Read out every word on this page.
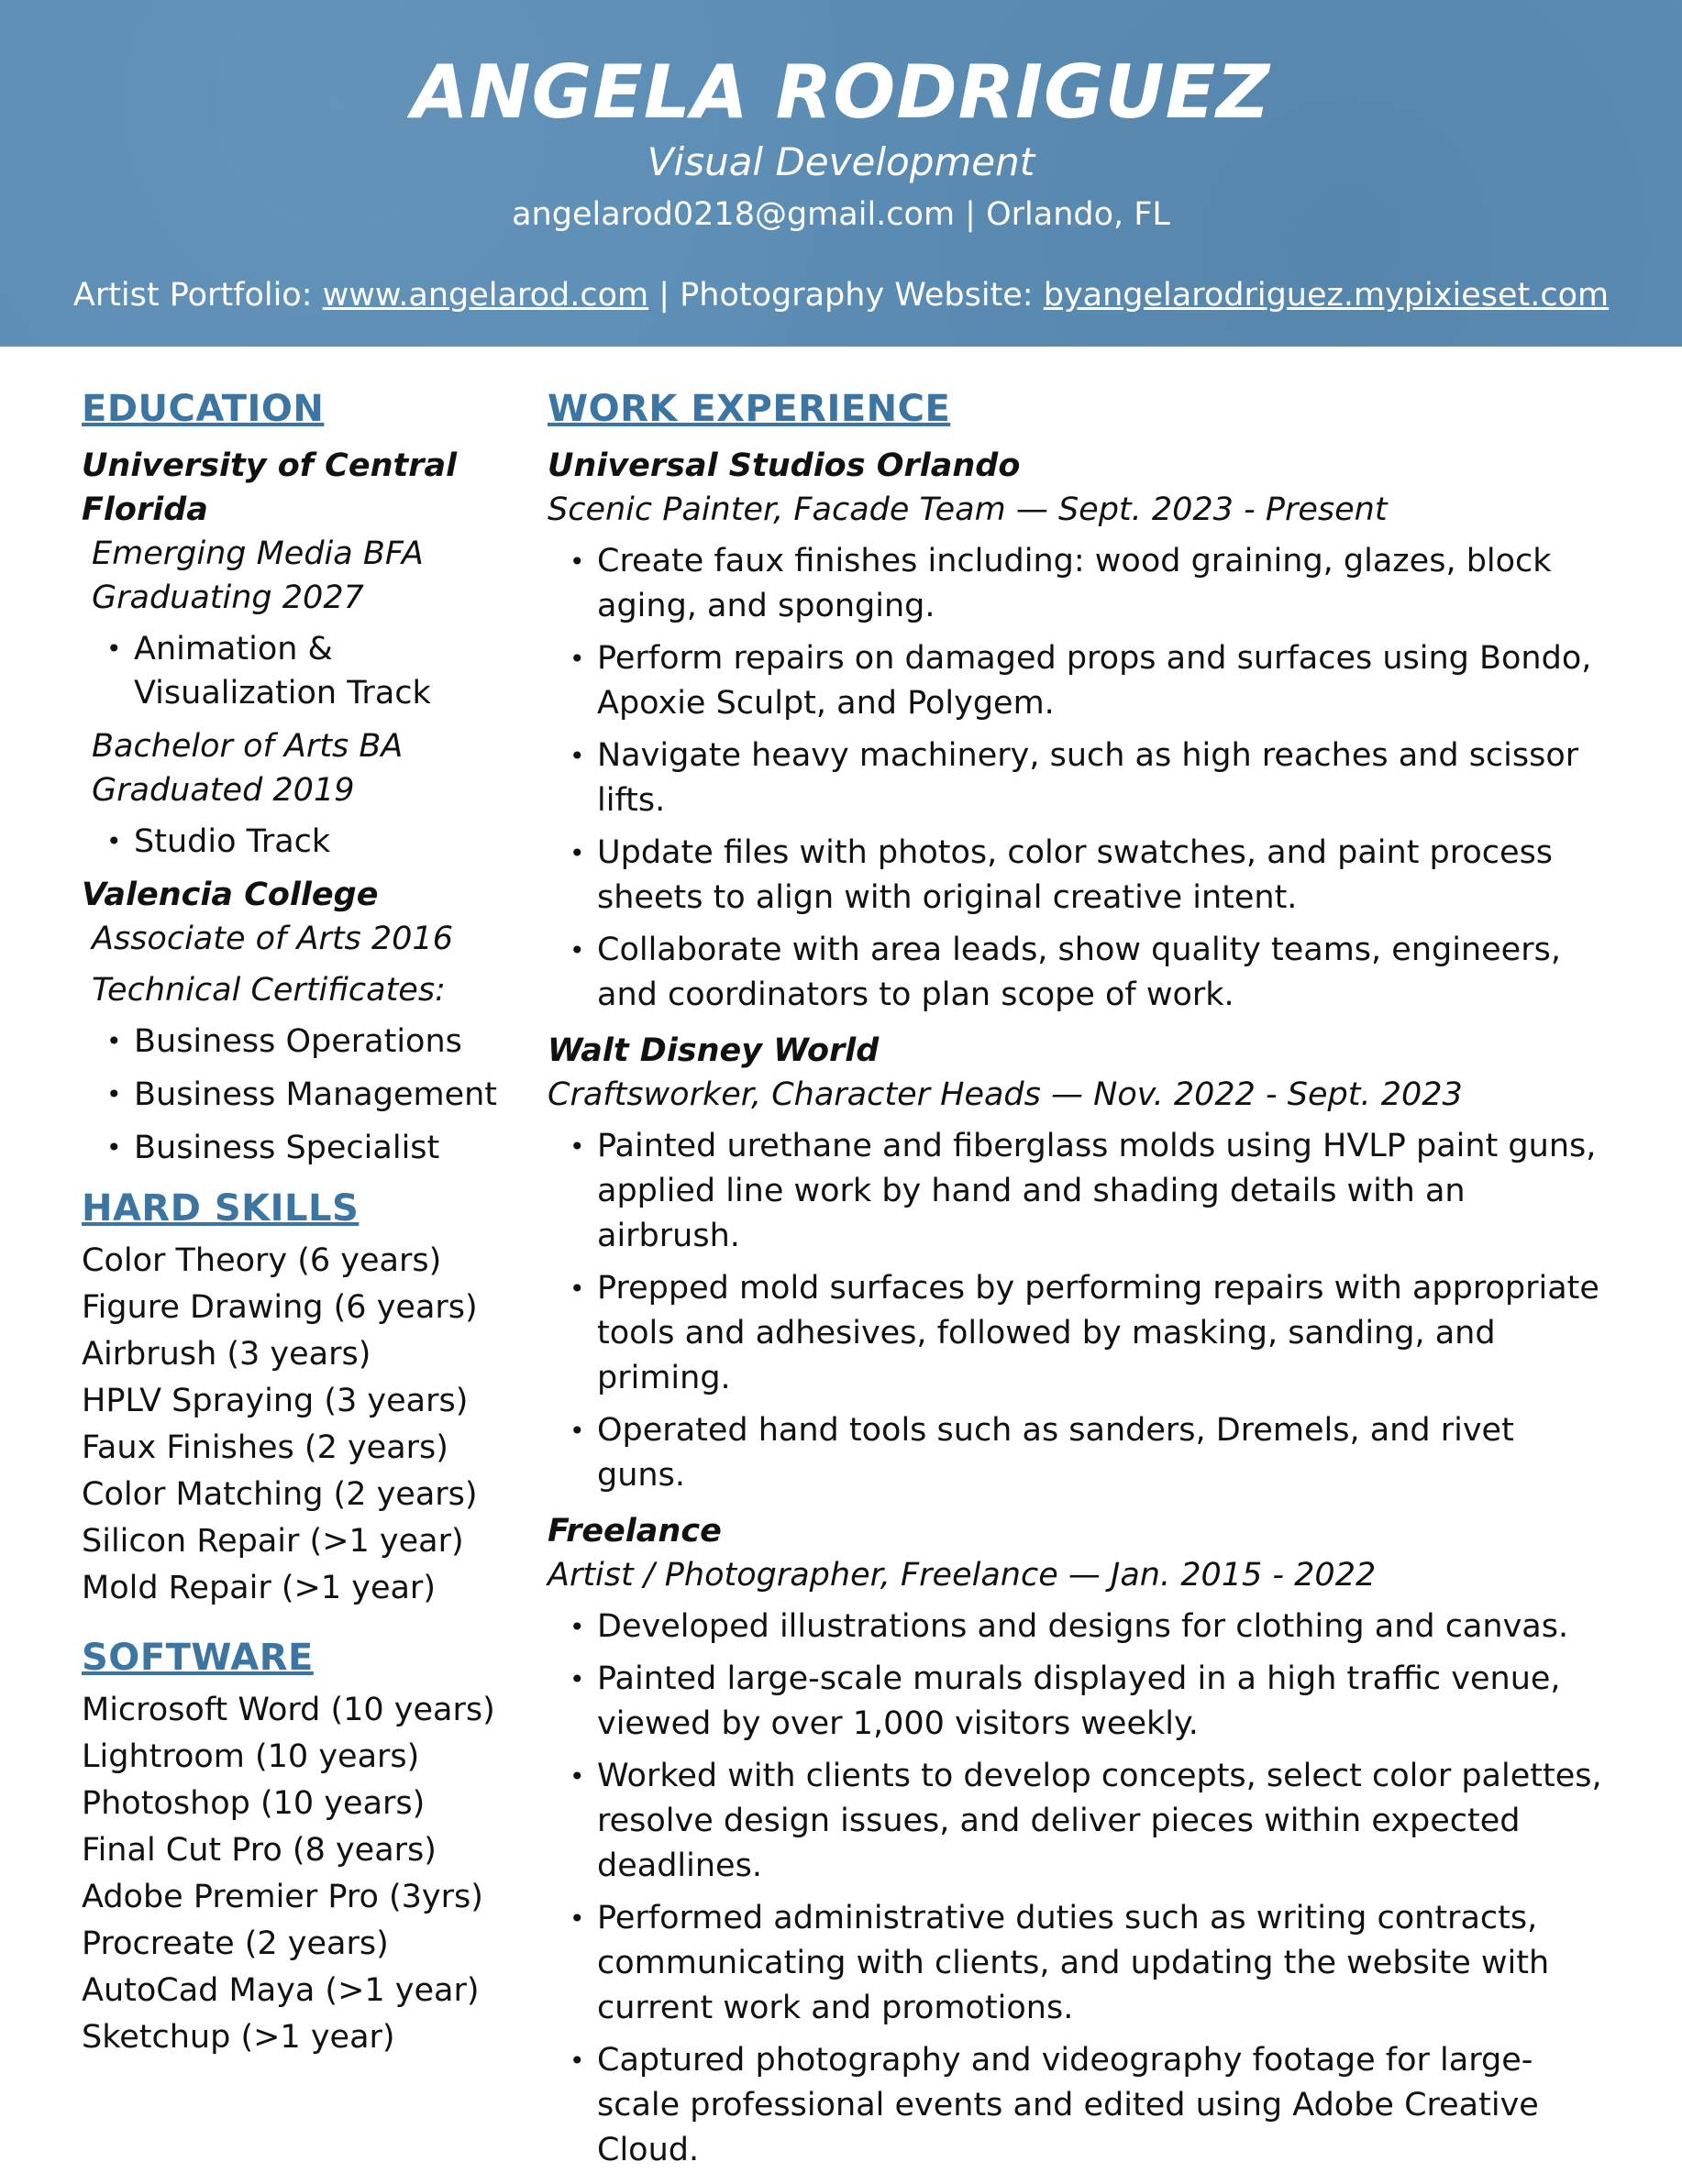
ANGELA RODRIGUEZ
Visual Development
angelarod0218@gmail.com | Orlando, FL
Artist Portfolio: www.angelarod.com | Photography Website: byangelarodriguez.mypixieset.com
EDUCATION
University of Central Florida
Emerging Media BFA
Graduating 2027
• Animation & Visualization Track
Bachelor of Arts BA
Graduated 2019
• Studio Track
Valencia College
Associate of Arts 2016
Technical Certificates:
• Business Operations
• Business Management
• Business Specialist
HARD SKILLS
Color Theory (6 years)
Figure Drawing (6 years)
Airbrush (3 years)
HPLV Spraying (3 years)
Faux Finishes (2 years)
Color Matching (2 years)
Silicon Repair (>1 year)
Mold Repair (>1 year)
SOFTWARE
Microsoft Word (10 years)
Lightroom (10 years)
Photoshop (10 years)
Final Cut Pro (8 years)
Adobe Premier Pro (3yrs)
Procreate (2 years)
AutoCad Maya (>1 year)
Sketchup (>1 year)
WORK EXPERIENCE
Universal Studios Orlando
Scenic Painter, Facade Team — Sept. 2023 - Present
• Create faux finishes including: wood graining, glazes, block aging, and sponging.
• Perform repairs on damaged props and surfaces using Bondo, Apoxie Sculpt, and Polygem.
• Navigate heavy machinery, such as high reaches and scissor lifts.
• Update files with photos, color swatches, and paint process sheets to align with original creative intent.
• Collaborate with area leads, show quality teams, engineers, and coordinators to plan scope of work.
Walt Disney World
Craftsworker, Character Heads — Nov. 2022 - Sept. 2023
• Painted urethane and fiberglass molds using HVLP paint guns, applied line work by hand and shading details with an airbrush.
• Prepped mold surfaces by performing repairs with appropriate tools and adhesives, followed by masking, sanding, and priming.
• Operated hand tools such as sanders, Dremels, and rivet guns.
Freelance
Artist / Photographer, Freelance — Jan. 2015 - 2022
• Developed illustrations and designs for clothing and canvas.
• Painted large-scale murals displayed in a high traffic venue, viewed by over 1,000 visitors weekly.
• Worked with clients to develop concepts, select color palettes, resolve design issues, and deliver pieces within expected deadlines.
• Performed administrative duties such as writing contracts, communicating with clients, and updating the website with current work and promotions.
• Captured photography and videography footage for large-scale professional events and edited using Adobe Creative Cloud.
